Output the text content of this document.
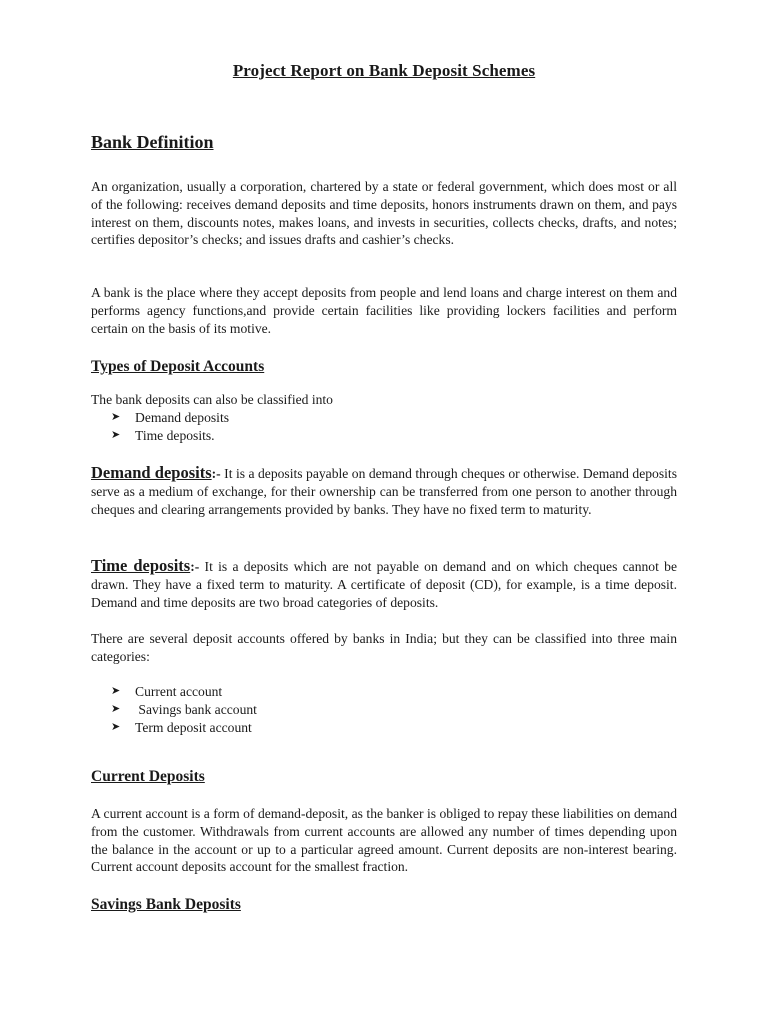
Project Report on Bank Deposit Schemes
Bank Definition

An organization, usually a corporation, chartered by a state or federal government, which does most or all of the following: receives demand deposits and time deposits, honors instruments drawn on them, and pays interest on them, discounts notes, makes loans, and invests in securities, collects checks, drafts, and notes; certifies depositor’s checks; and issues drafts and cashier’s checks.

A bank is the place where they accept deposits from people and lend loans and charge interest on them and performs agency functions,and provide certain facilities like providing lockers facilities and perform certain on the basis of its motive.

Types of Deposit Accounts

The bank deposits can also be classified into

➤	Demand deposits
➤	Time deposits.

Demand deposits:- It is a deposits payable on demand through cheques or otherwise. Demand deposits serve as a medium of exchange, for their ownership can be transferred from one person to another through cheques and clearing arrangements provided by banks. They have no fixed term to maturity.

Time deposits:- It is a deposits which are not payable on demand and on which cheques cannot be drawn. They have a fixed term to maturity. A certificate of deposit (CD), for example, is a time deposit. Demand and time deposits are two broad categories of deposits.

There are several deposit accounts offered by banks in India; but they can be classified into three main categories:

➤	Current account
➤	Savings bank account
➤	Term deposit account
Current Deposits

A current account is a form of demand-deposit, as the banker is obliged to repay these liabilities on demand from the customer. Withdrawals from current accounts are allowed any number of times depending upon the balance in the account or up to a particular agreed amount. Current deposits are non-interest bearing. Current account deposits account for the smallest fraction.

Savings Bank Deposits
